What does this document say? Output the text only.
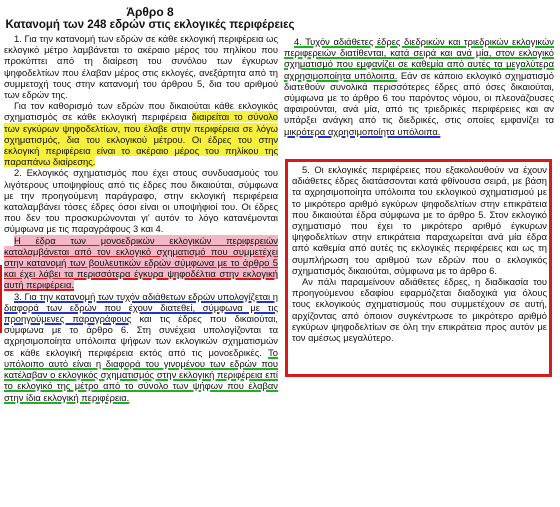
Άρθρο 8
Κατανομή των 248 εδρών στις εκλογικές περιφέρειες

1. Για την κατανομή των εδρών σε κάθε εκλογική περιφέρεια ως εκλογικό μέτρο λαμβάνεται το ακέραιο μέρος του πηλίκου που προκύπτει από τη διαίρεση του συνόλου των έγκυρων ψηφοδελτίων που έλαβαν μέρος στις εκλογές, ανεξάρτητα από τη συμμετοχή τους στην κατανομή του άρθρου 5, δια του αριθμού των εδρών της.

Για τον καθορισμό των εδρών που δικαιούται κάθε εκλογικός σχηματισμός σε κάθε εκλογική περιφέρεια διαιρείται το σύνολο των εγκύρων ψηφοδελτίων, που έλαβε στην περιφέρεια σε λόγω σχηματισμός, δια του εκλογικού μέτρου. Οι έδρες του στην εκλογική περιφέρεια είναι το ακέραιο μέρος του πηλίκου της παραπάνω διαίρεσης.

2. Εκλογικός σχηματισμός που έχει στους συνδυασμούς του λιγότερους υποψηφίους από τις έδρες που δικαιούται, σύμφωνα με την προηγούμενη παράγραφο, στην εκλογική περιφέρεια καταλαμβάνει τόσες έδρες όσοι είναι οι υποψήφιοί του. Οι έδρες που δεν του προσκυρώνονται γι' αυτόν το λόγο κατανέμονται σύμφωνα με τις παραγράφους 3 και 4.

Η έδρα των μονοεδρικών εκλογικών περιφερειών καταλαμβάνεται από τον εκλογικό σχηματισμό που συμμετέχει στην κατανομή των βουλευτικών εδρών σύμφωνα με το άρθρο 5 και έχει λάβει τα περισσότερα έγκυρα ψηφοδέλτια στην εκλογική αυτή περιφέρεια.

3. Για την κατανομή των τυχόν αδιάθετων εδρών υπολογίζεται η διαφορά των εδρών που έχουν διατεθεί, σύμφωνα με τις προηγούμενες παραγράφους και τις έδρες που δικαιούται, σύμφωνα με το άρθρο 6. Στη συνέχεια υπολογίζονται τα αχρησιμοποίητα υπόλοιπα ψήφων των εκλογικών σχηματισμών σε κάθε εκλογική περιφέρεια εκτός από τις μονοεδρικές. Το υπόλοιπο αυτό είναι η διαφορά του γινομένου των εδρών που κατέλαβαν ο εκλογικός σχηματισμός στην εκλογική περιφέρεια επί το εκλογικό της μέτρο από το σύνολο των ψήφων που έλαβαν στην ίδια εκλογική περιφέρεια.

4. Τυχόν αδιάθετες έδρες διεδρικών και τριεδρικών εκλογικών περιφερειών διατίθενται, κατά σειρά και ανά μία, στον εκλογικό σχηματισμό που εμφανίζει σε καθεμία από αυτές τα μεγαλύτερα αχρησιμοποίητα υπόλοιπα. Εάν σε κάποιο εκλογικό σχηματισμό διατεθούν συνολικά περισσότερες έδρες από όσες δικαιούται, σύμφωνα με το άρθρο 6 του παρόντος νόμου, οι πλεονάζουσες αφαιρούνται, ανά μία, από τις τριεδρικές περιφέρειες και αν υπάρξει ανάγκη από τις διεδρικές, στις οποίες εμφανίζει τα μικρότερα αχρησιμοποίητα υπόλοιπα.

5. Οι εκλογικές περιφέρειες που εξακολουθούν να έχουν αδιάθετες έδρες διατάσσονται κατά φθίνουσα σειρά, με βάση τα αχρησιμοποίητα υπόλοιπα του εκλογικού σχηματισμού με το μικρότερο αριθμό εγκύρων ψηφοδελτίων στην επικράτεια που δικαιούται έδρα σύμφωνα με το άρθρο 5. Στον εκλογικό σχηματισμό που έχει το μικρότερο αριθμό έγκυρων ψηφοδελτίων στην επικράτεια παραχωρείται ανά μία έδρα από καθεμία από αυτές τις εκλογικές περιφέρειες και ως τη συμπλήρωση του αριθμού των εδρών που ο εκλογικός σχηματισμός δικαιούται, σύμφωνα με το άρθρο 6.

Αν πάλι παραμείνουν αδιάθετες έδρες, η διαδικασία του προηγούμενου εδαφίου εφαρμόζεται διαδοχικά για όλους τους εκλογικούς σχηματισμούς που συμμετέχουν σε αυτή, αρχίζοντας από όποιον συγκέντρωσε το μικρότερο αριθμό εγκύρων ψηφοδελτίων σε όλη την επικράτεια προς αυτόν με τον αμέσως μεγαλύτερο.
